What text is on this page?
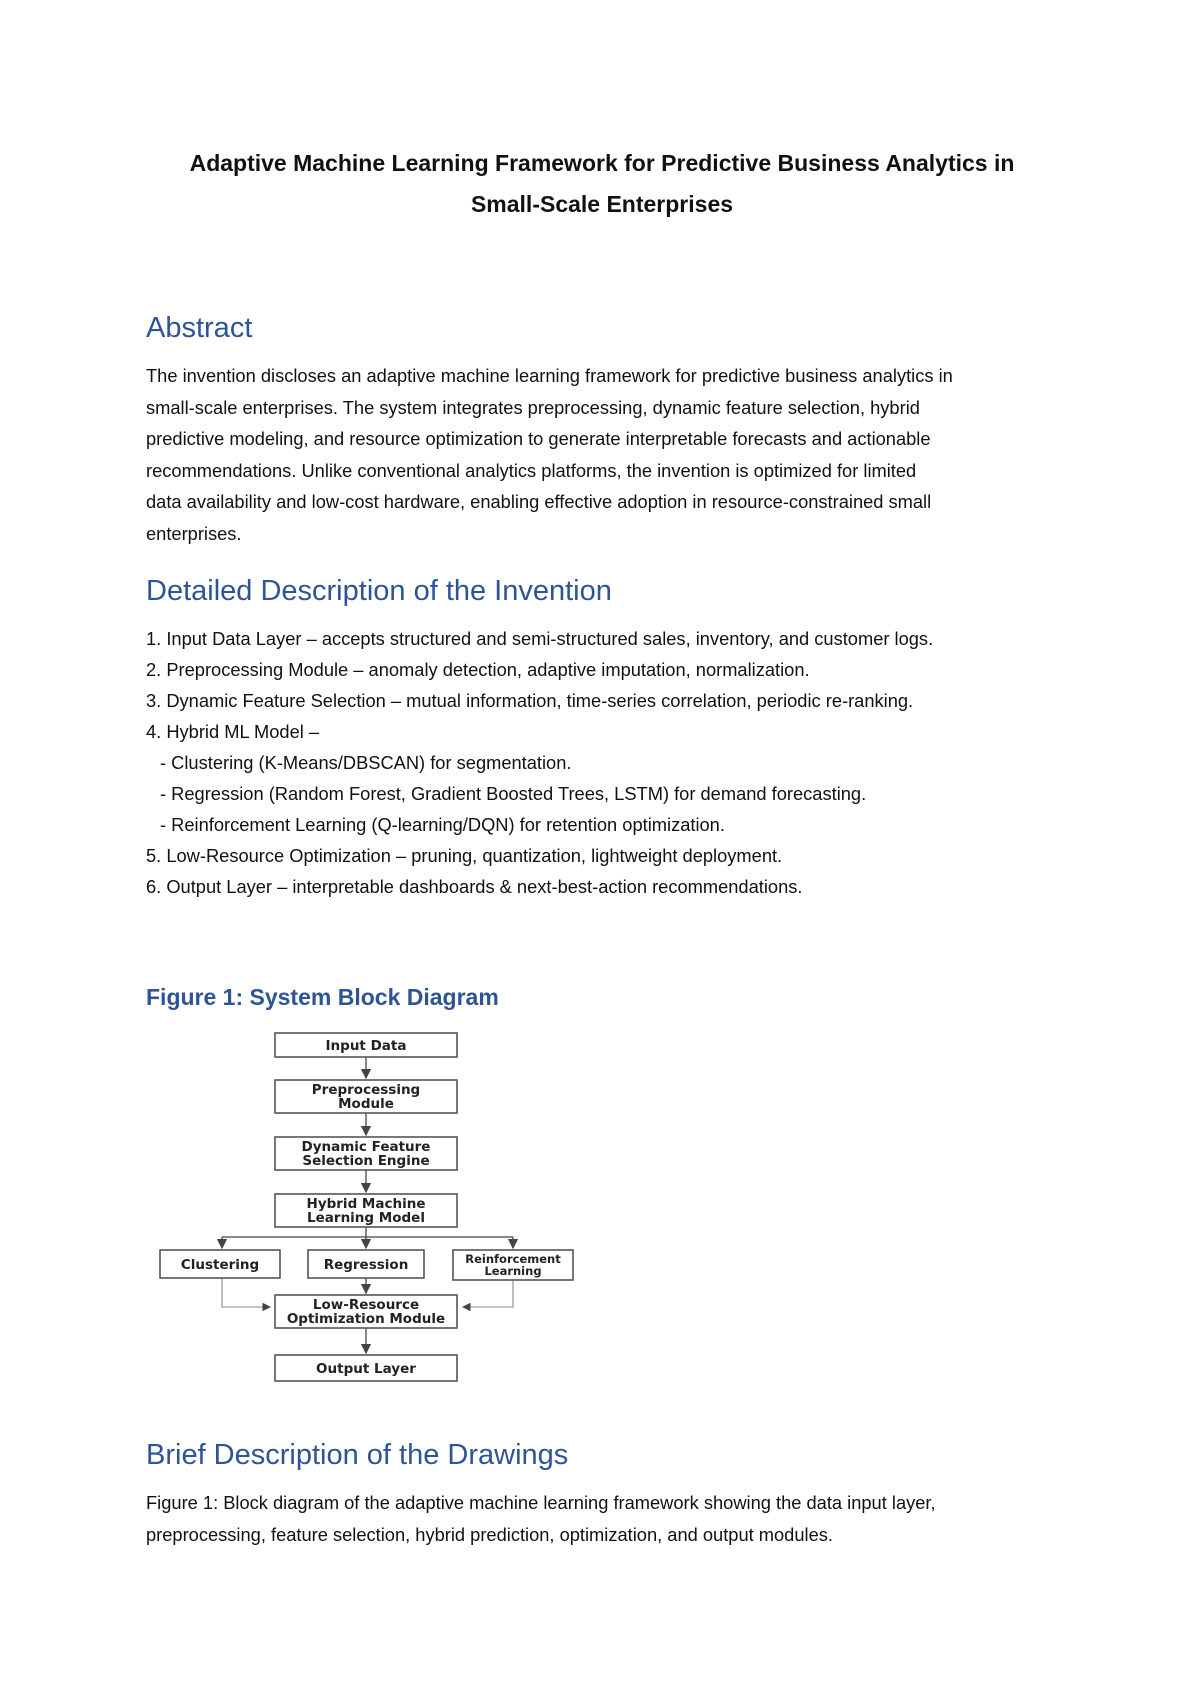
Adaptive Machine Learning Framework for Predictive Business Analytics in
Small-Scale Enterprises
Abstract
The invention discloses an adaptive machine learning framework for predictive business analytics in
small-scale enterprises. The system integrates preprocessing, dynamic feature selection, hybrid
predictive modeling, and resource optimization to generate interpretable forecasts and actionable
recommendations. Unlike conventional analytics platforms, the invention is optimized for limited
data availability and low-cost hardware, enabling effective adoption in resource-constrained small
enterprises.
Detailed Description of the Invention
1. Input Data Layer – accepts structured and semi-structured sales, inventory, and customer logs.
2. Preprocessing Module – anomaly detection, adaptive imputation, normalization.
3. Dynamic Feature Selection – mutual information, time-series correlation, periodic re-ranking.
4. Hybrid ML Model –
- Clustering (K-Means/DBSCAN) for segmentation.
- Regression (Random Forest, Gradient Boosted Trees, LSTM) for demand forecasting.
- Reinforcement Learning (Q-learning/DQN) for retention optimization.
5. Low-Resource Optimization – pruning, quantization, lightweight deployment.
6. Output Layer – interpretable dashboards & next-best-action recommendations.
Figure 1: System Block Diagram
Input Data
Preprocessing
Module
Dynamic Feature
Selection Engine
Hybrid Machine
Learning Model
Clustering	Regression	Reinforcement
Learning
Low-Resource
Optimization Module
Output Layer
Brief Description of the Drawings
Figure 1: Block diagram of the adaptive machine learning framework showing the data input layer,
preprocessing, feature selection, hybrid prediction, optimization, and output modules.
